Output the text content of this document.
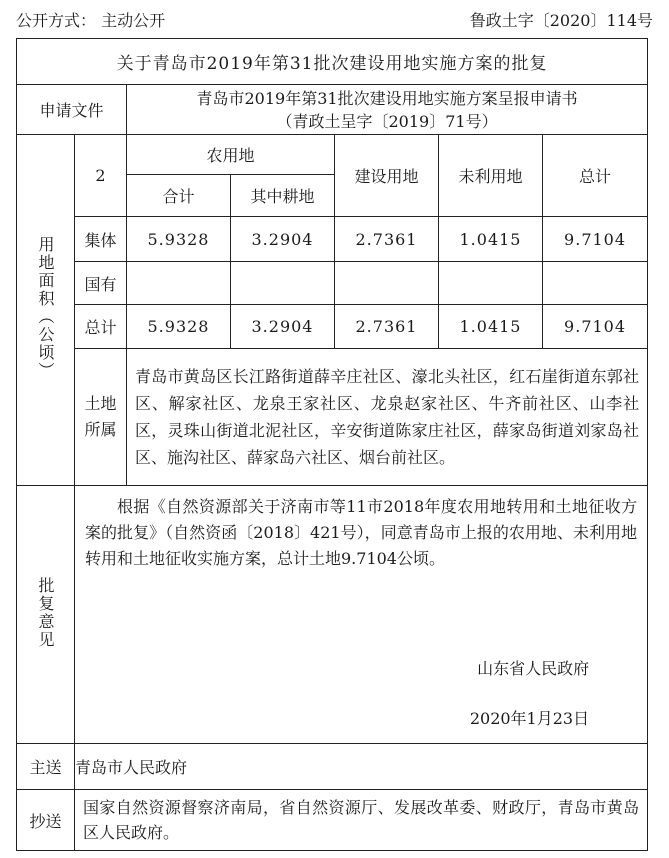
公开方式： 主动公开	鲁政土字〔2020〕114号
关于青岛市2019年第31批次建设用地实施方案的批复						
申请文件		青岛市2019年第31批次建设用地实施方案呈报申请书
（青政土呈字〔2019〕71号）				

用地面积（公顷）	2	农用地		建设用地	未利用地	总计
		合计	其中耕地			
	集体	5.9328	3.2904	2.7361	1.0415	9.7104
	国有					
	总计	5.9328	3.2904	2.7361	1.0415	9.7104
	土地所属	青岛市黄岛区长江路街道薛辛庄社区、濠北头社区，红石崖街道东郭社区、解家社区、龙泉王家社区、龙泉赵家社区、牛齐前社区、山李社区，灵珠山街道北泥社区，辛安街道陈家庄社区，薛家岛街道刘家岛社区、施沟社区、薛家岛六社区、烟台前社区。				

批复意见	根据《自然资源部关于济南市等11市2018年度农用地转用和土地征收方案的批复》（自然资函〔2018〕421号），同意青岛市上报的农用地、未利用地转用和土地征收实施方案，总计土地9.7104公顷。
山东省人民政府
2020年1月23日					

主送	青岛市人民政府					
抄送	国家自然资源督察济南局，省自然资源厅、发展改革委、财政厅，青岛市黄岛区人民政府。					
